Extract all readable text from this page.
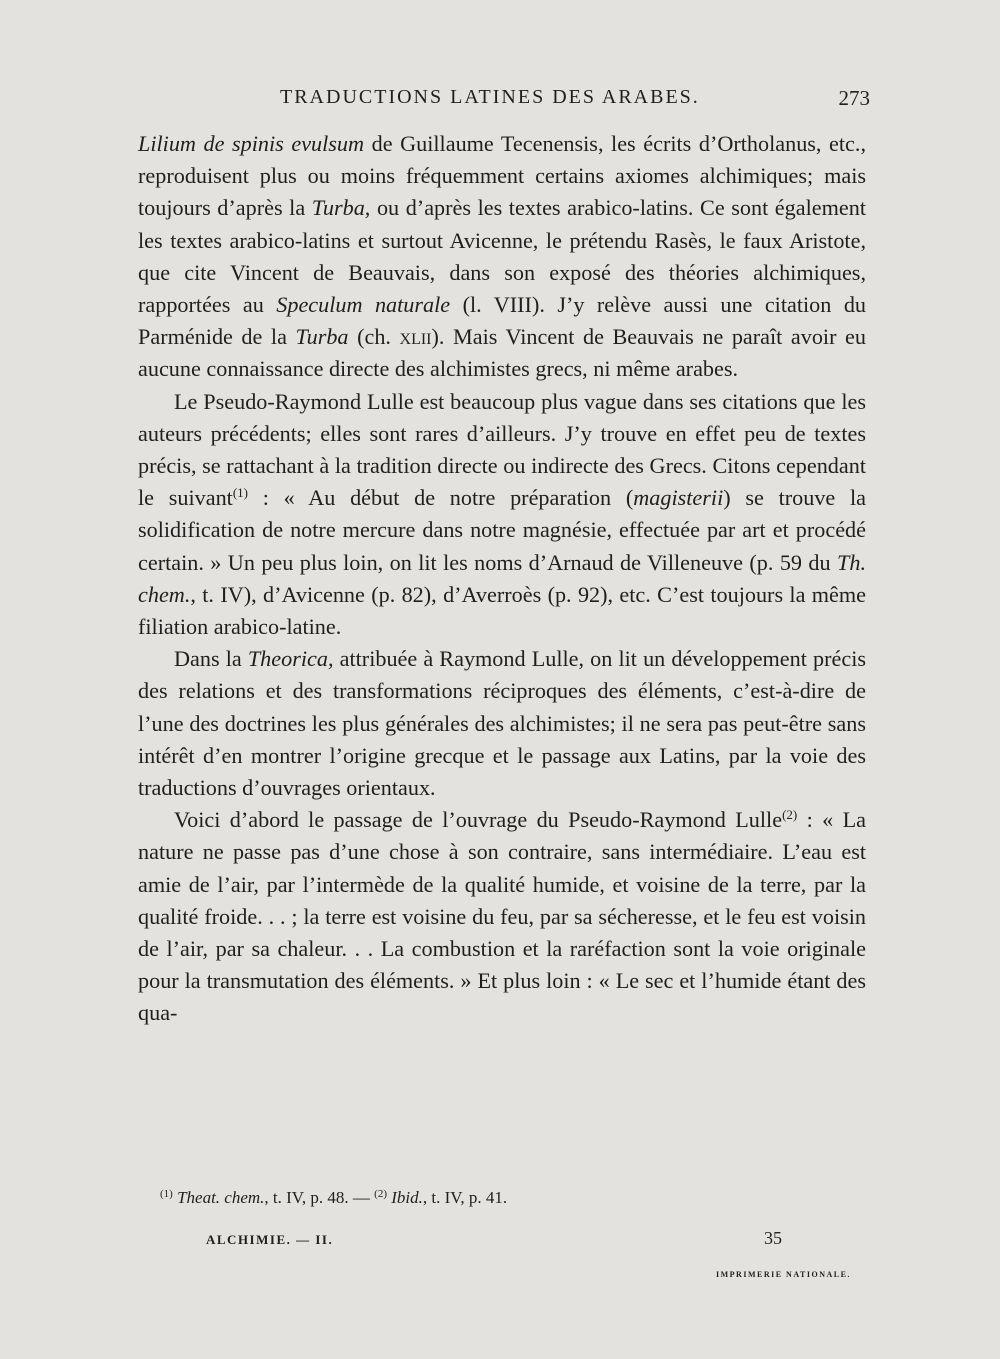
TRADUCTIONS LATINES DES ARABES.	273

Lilium de spinis evulsum de Guillaume Tecenensis, les écrits d’Ortholanus, etc., reproduisent plus ou moins fréquemment certains axiomes alchimiques; mais toujours d’après la Turba, ou d’après les textes arabico-latins. Ce sont également les textes arabico-latins et surtout Avicenne, le prétendu Rasès, le faux Aristote, que cite Vincent de Beauvais, dans son exposé des théories alchimiques, rapportées au Speculum naturale (l. VIII). J’y relève aussi une citation du Parménide de la Turba (ch. xlii). Mais Vincent de Beauvais ne paraît avoir eu aucune connaissance directe des alchimistes grecs, ni même arabes.

Le Pseudo-Raymond Lulle est beaucoup plus vague dans ses citations que les auteurs précédents; elles sont rares d’ailleurs. J’y trouve en effet peu de textes précis, se rattachant à la tradition directe ou indirecte des Grecs. Citons cependant le suivant$^{(1)}$ : « Au début de notre préparation (magisterii) se trouve la solidification de notre mercure dans notre magnésie, effectuée par art et procédé certain. » Un peu plus loin, on lit les noms d’Arnaud de Villeneuve (p. 59 du Th. chem., t. IV), d’Avicenne (p. 82), d’Averroès (p. 92), etc. C’est toujours la même filiation arabico-latine.

Dans la Theorica, attribuée à Raymond Lulle, on lit un développement précis des relations et des transformations réciproques des éléments, c’est-à-dire de l’une des doctrines les plus générales des alchimistes; il ne sera pas peut-être sans intérêt d’en montrer l’origine grecque et le passage aux Latins, par la voie des traductions d’ouvrages orientaux.

Voici d’abord le passage de l’ouvrage du Pseudo-Raymond Lulle$^{(2)}$ : « La nature ne passe pas d’une chose à son contraire, sans intermédiaire. L’eau est amie de l’air, par l’intermède de la qualité humide, et voisine de la terre, par la qualité froide. . . ; la terre est voisine du feu, par sa sécheresse, et le feu est voisin de l’air, par sa chaleur. . . La combustion et la raréfaction sont la voie originale pour la transmutation des éléments. » Et plus loin : « Le sec et l’humide étant des qua-

$^{(1)}$ Theat. chem., t. IV, p. 48. — $^{(2)}$ Ibid., t. IV, p. 41.
ALCHIMIE. — II.	35
IMPRIMERIE NATIONALE.
